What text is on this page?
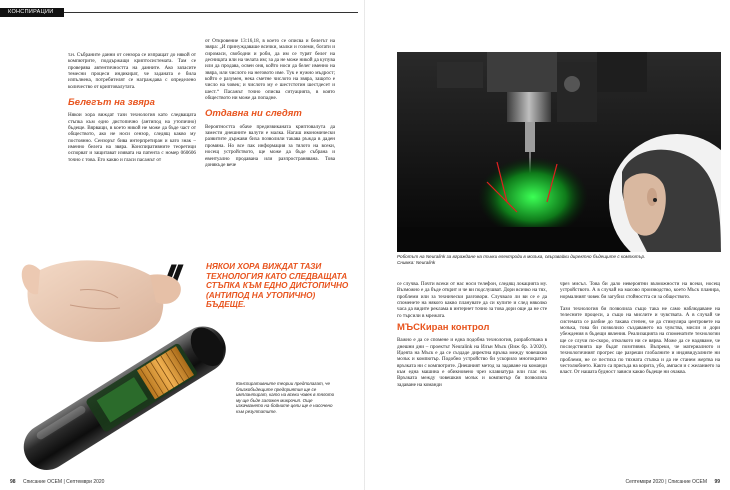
КОНСПИРАЦИИ

т.н. Събраните данни от сензора се изпращат до някой от компютрите, поддържащи криптосистемата. Там се проверява автентичността на данните. Ако запасите темесни процеси индикират, че заданата е била изпълнена, потребителят се награждава с определено количество от криптовалутата.

Белегът на звяра

Някои хора виждат тази технология като следващата стъпка към едно дистопично (антипод на утопично) бъдеще. Вярващи, в което никой не може да бъде част от обществото, ако не носи сензор, следящ какво му постоянно. Сензорът бива интерпретиран и като знак – именно белега на звяра. Конспиративните теоретици оспорват и защитават изявата на патента с номер 060606 точно с това. Ето какво и гласи пасажът от

от Откровение 13:16,18, в което се описва и белегът на звяра: „И принуждаваше всички, малки и големи, богати и сиромаси, свободни и роби, да им се турят белег на десницата или на челата им; за да не може никой да купува или да продава, освен оня, който носи да белег именно на звяра, или числото на неговото име. Тук е нужно мъдрост; който е разумен, нека сметне числото на звяра, защото е число на човек; и числото му е шестстотин шестдесет и шест.“ Пасажът точно описва ситуацията, в която обществото ни може да попадне.

Отдавна ни следят

Вероятността обаче предизвиканата криптовалута да замести днешните валути е малка. Нагаш икономически развитите държави биха позволили такава ръжда в даден промяна. Но все пак информация за тялото на всеки, носещ устройството, ще може да бъде събрана и евентуално продавана или разпространявана. Това донякъде вече

НЯКОИ ХОРА ВИЖДАТ ТАЗИ ТЕХНОЛОГИЯ КАТО СЛЕДВАЩАТА СТЪПКА КЪМ ЕДНО ДИСТОПИЧНО (АНТИПОД НА УТОПИЧНО) БЪДЕЩЕ.
Конспиративните теории предполагат, че близкобъдещите предприятия ще се имплантират, като на всеки човек в тялото му ще бъде заложен микрочип. Още изкачването на бойните цели ще е насочено към резултатите.
98 Списание ОСЕМ | Септември 2020
Роботът на Neuralink за вграждане на тънки електроди в мозъка, свързвайки директно бъдещите с компютър. Снимка: Neuralink

се случва. Почти всеки от нас носи телефон, следящ локацията му. Възможно е да бъде открит и че ви подслушват. Дори всичко на тях, проблеми или за технически разговори. Случвало ли ви се е да споменете на някого какво планувате да си купите и след няколко часа да видите реклама в интернет точно за това дори още да не сте го търсили в мрежата.

МЪСКиран контрол

Важно е да се спомене и една подобна технология, разработвана в днешни дни – проектът Neuralink на Илън Мъск (Виж бр. 3/2020). Идеята на Мъск е да се създаде директна връзка между човешкия мозък и компютър. Подобно устройство би ускорило многократно връзката ни с компютрите. Днешният метод за задаване на команди към една машина е обикновено чрез клавиатура или глас ни. Връзката между човешкия мозък и компютър би позволила задаване на команди

чрез мисъл. Това би дало невероятни възможности на всеки, носещ устройството. А в случай на масово производство, което Мъск планира, нормалният човек би загубил стойността си за обществото.

Тази технология би позволила също така не само наблюдаване на телесните процеси, а също на мислите и чувствата. А в случай че системата се разбие до такава степен, че да стимулира центровете на мозъка, това би позволило създаването на чувства, мисли и дори убеждения в бъдещи явления. Реализацията на споменатите технологии ще се случи по-скоро, отколкото ни се вярва. Може да се надяваме, че последствията ще бъдат позитивни. Въпреки, че материалното и технологичният прогрес ще разреши глобалните и индивидуалните ни проблеми, не се пестиха по тяхната стъпка и да не станем жертва на честолюбието. Както са присъда на корита, убо, ампаси и с желанието за власт. От нашата будност зависи какво бъдеще ни очаква.

Септември 2020 | Списание ОСЕМ 99
